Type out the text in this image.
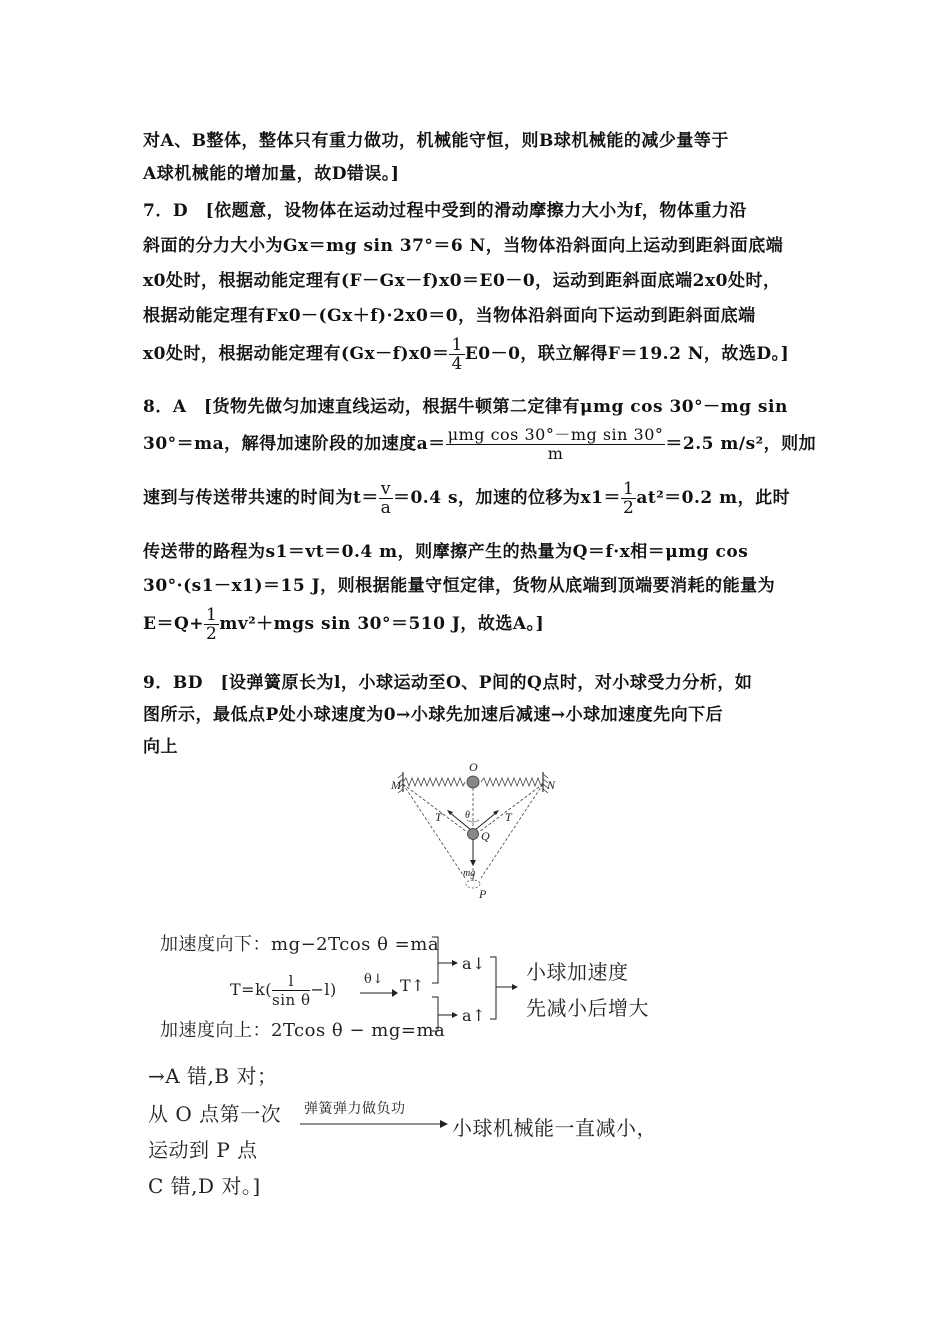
对A、B整体，整体只有重力做功，机械能守恒，则B球机械能的减少量等于
A球机械能的增加量，故D错误。]
7．D　[依题意，设物体在运动过程中受到的滑动摩擦力大小为f，物体重力沿
斜面的分力大小为Gx＝mg sin 37°＝6 N，当物体沿斜面向上运动到距斜面底端
x0处时，根据动能定理有(F－Gx－f)x0＝E0－0，运动到距斜面底端2x0处时，
根据动能定理有Fx0－(Gx＋f)·2x0＝0，当物体沿斜面向下运动到距斜面底端
x0处时，根据动能定理有$(Gx-f)x0= \frac{1}{4} E0-0$，联立解得F＝19.2 N，故选D。]
8．A　[货物先做匀加速直线运动，根据牛顿第二定律有μmg cos 30°－mg sin
30°＝ma，解得加速阶段的加速度$a= \frac{\text{μmg cos 30°－mg sin 30°}}{m} =2.5$ m/s²，则加
速到与传送带共速的时间为$t= \frac{v}{a} =0.4$ s，加速的位移为$x1= \frac{1}{2} at^2=0.2$ m，此时
传送带的路程为s1＝vt＝0.4 m，则摩擦产生的热量为Q＝f·x相＝μmg cos
30°·(s1－x1)＝15 J，则根据能量守恒定律，货物从底端到顶端要消耗的能量为
$E=Q+ \frac{1}{2} mv^2+mgs$ sin 30°＝510 J，故选A。]
9．BD　[设弹簧原长为l，小球运动至O、P间的Q点时，对小球受力分析，如
图所示，最低点P处小球速度为0→小球先加速后减速→小球加速度先向下后
向上
O
M	N
T	T
θ
Q
mg
P
加速度向下：mg−2Tcos θ =ma
$T=k( \frac{l}{\text{sin θ}} -l)$
θ↓ T↑
加速度向上：2Tcos θ − mg=ma
a↓
a↑
小球加速度
先减小后增大
→A 错,B 对；
从 O 点第一次 弹簧弹力做负功
小球机械能一直减小，
运动到 P 点
C 错,D 对。]
